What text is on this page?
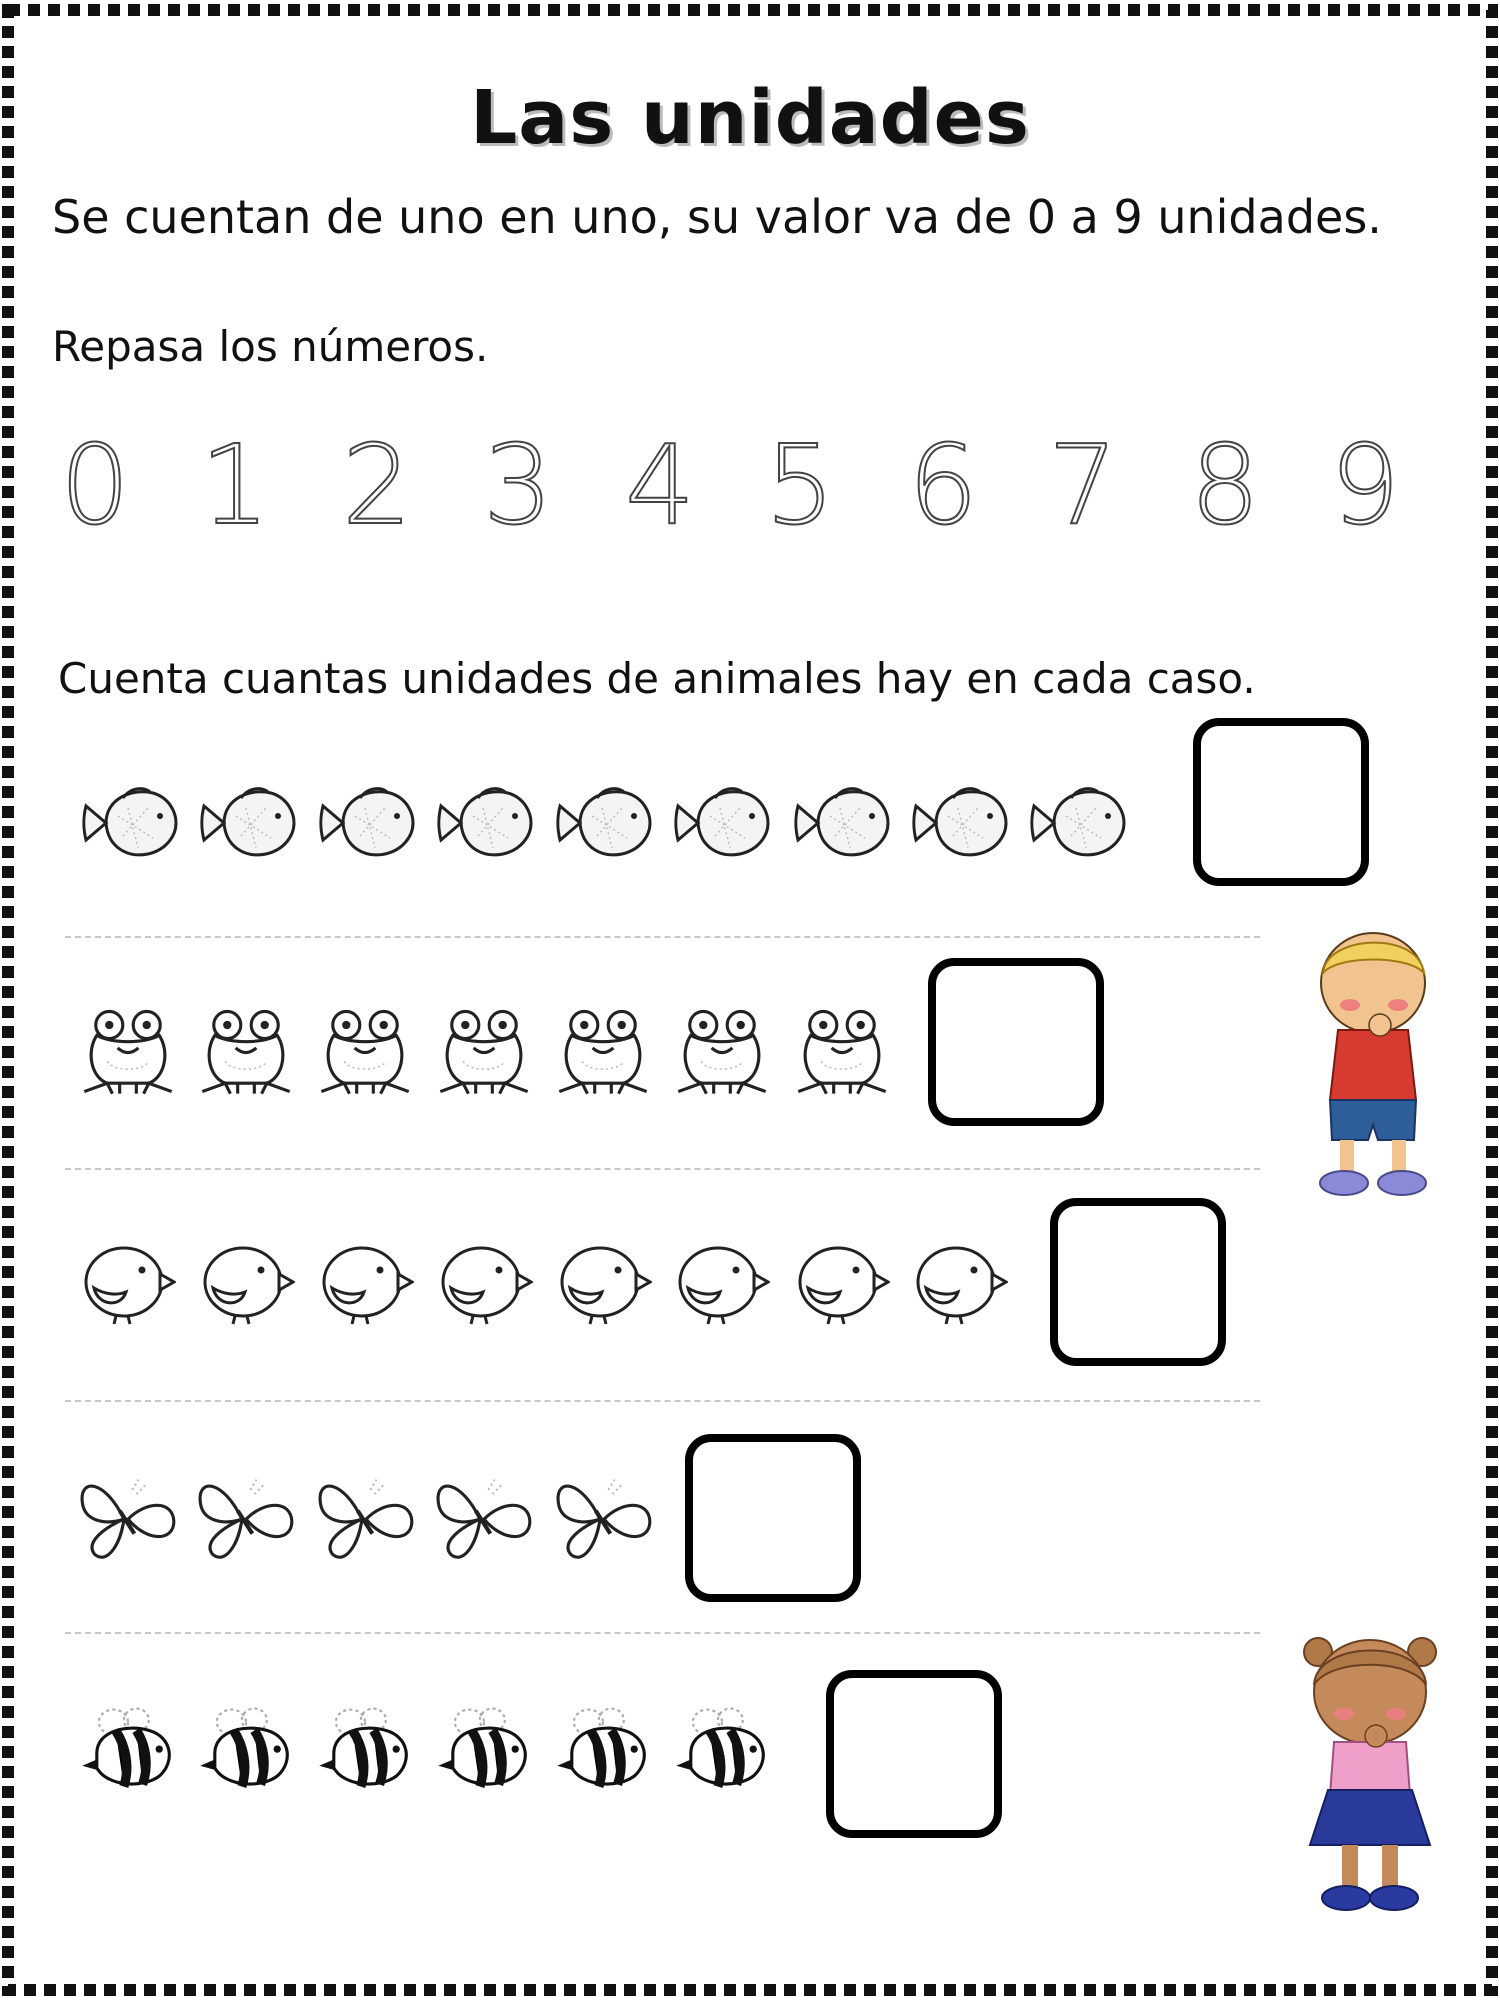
Las unidades
Se cuentan de uno en uno, su valor va de 0 a 9 unidades.
Repasa los números.
0 1 2 3 4 5 6 7 8 9
Cuenta cuantas unidades de animales hay en cada caso.
